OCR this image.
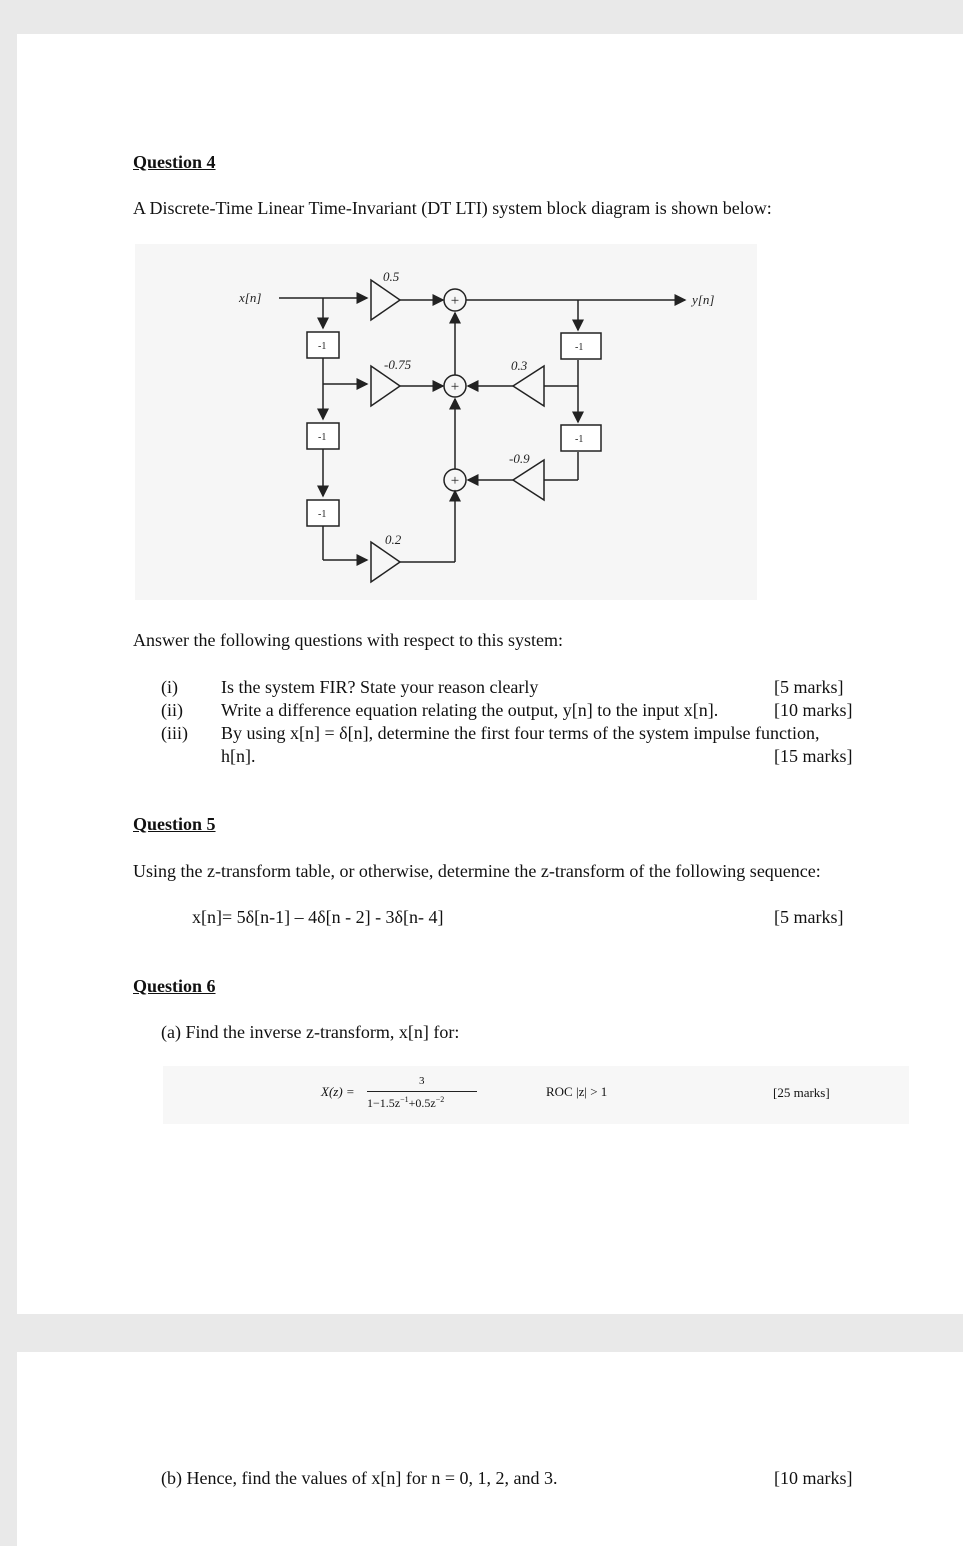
Question 4
A Discrete-Time Linear Time-Invariant (DT LTI) system block diagram is shown below:
x[n]	y[n]
0.5
-0.75
0.2
0.3
-0.9
-1
-1
-1
-1
-1
+
+
+
Answer the following questions with respect to this system:
(i) Is the system FIR? State your reason clearly	[5 marks]
(ii) Write a difference equation relating the output, y[n] to the input x[n].	[10 marks]
(iii) By using x[n] = δ[n], determine the first four terms of the system impulse function,
h[n].	[15 marks]
Question 5
Using the z-transform table, or otherwise, determine the z-transform of the following sequence:
x[n]= 5δ[n-1] – 4δ[n - 2] - 3δ[n- 4]	[5 marks]
Question 6
(a) Find the inverse z-transform, x[n] for:
X(z) =
3
$1-1.5z^{-1}+0.5z^{-2}$
ROC |z| > 1	[25 marks]
(b) Hence, find the values of x[n] for n = 0, 1, 2, and 3.	[10 marks]
